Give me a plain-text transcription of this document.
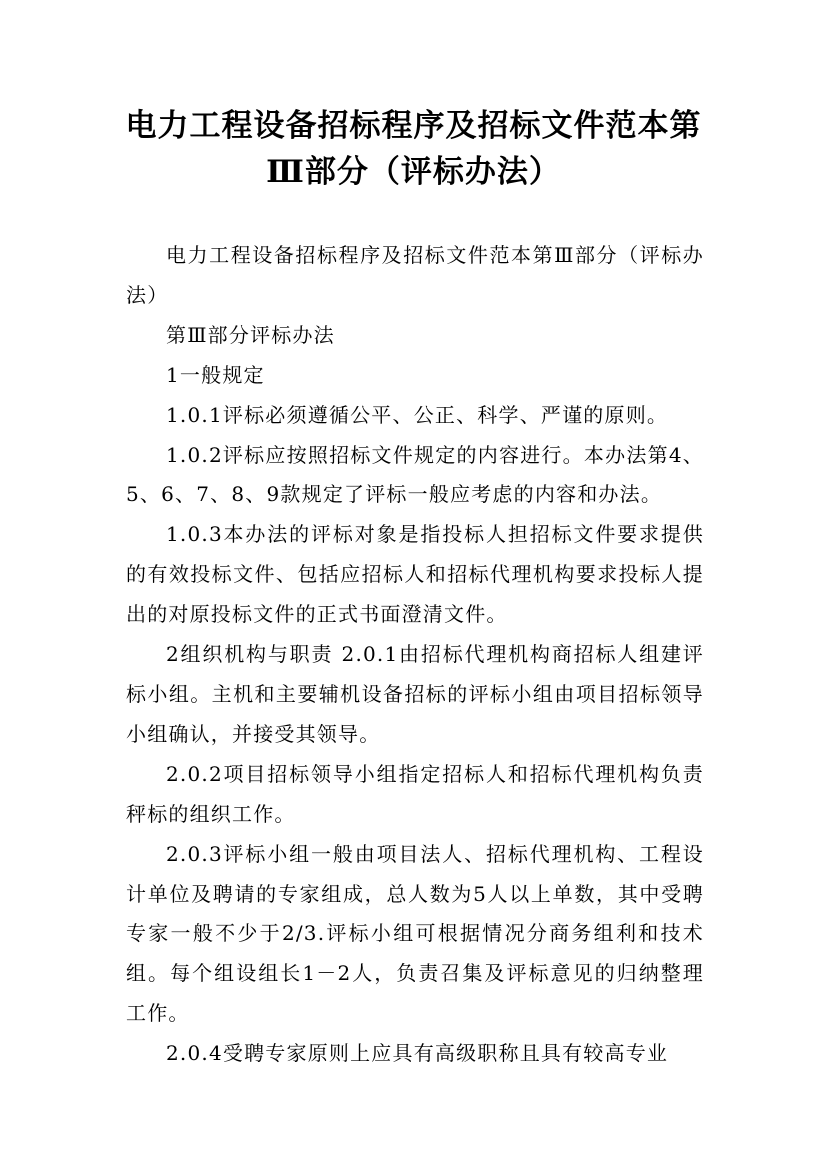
电力工程设备招标程序及招标文件范本第
Ⅲ部分（评标办法）

电力工程设备招标程序及招标文件范本第Ⅲ部分（评标办法）

第Ⅲ部分评标办法

1一般规定

1.0.1评标必须遵循公平、公正、科学、严谨的原则。

1.0.2评标应按照招标文件规定的内容进行。本办法第4、5、6、7、8、9款规定了评标一般应考虑的内容和办法。

1.0.3本办法的评标对象是指投标人担招标文件要求提供的有效投标文件、包括应招标人和招标代理机构要求投标人提出的对原投标文件的正式书面澄清文件。

2组织机构与职责 2.0.1由招标代理机构商招标人组建评标小组。主机和主要辅机设备招标的评标小组由项目招标领导小组确认，并接受其领导。

2.0.2项目招标领导小组指定招标人和招标代理机构负责秤标的组织工作。

2.0.3评标小组一般由项目法人、招标代理机构、工程设计单位及聘请的专家组成，总人数为5人以上单数，其中受聘专家一般不少于2/3.评标小组可根据情况分商务组利和技术组。每个组设组长1－2人，负责召集及评标意见的归纳整理工作。

2.0.4受聘专家原则上应具有高级职称且具有较高专业
